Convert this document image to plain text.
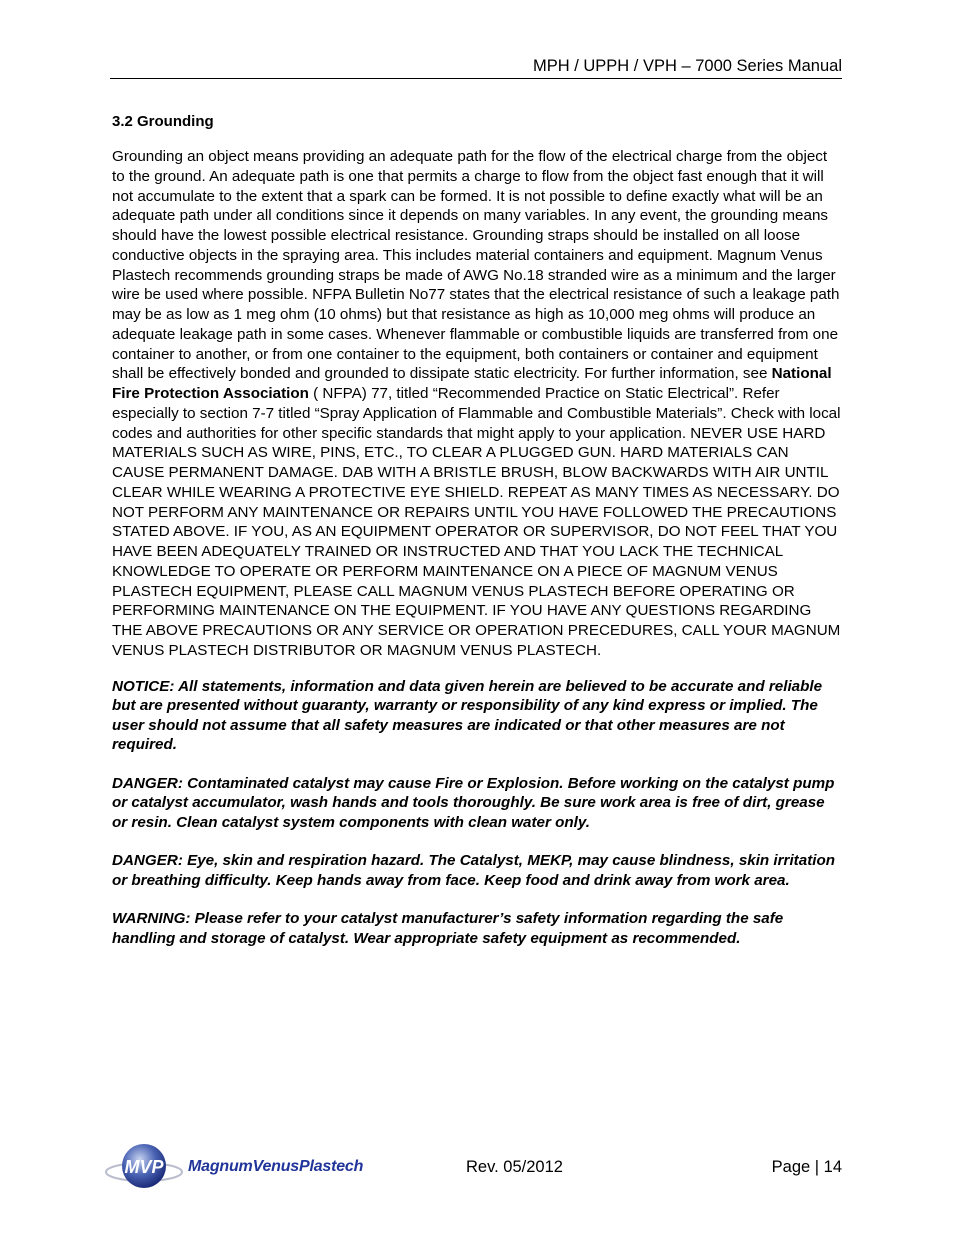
MPH / UPPH / VPH – 7000 Series Manual

3.2 Grounding

Grounding an object means providing an adequate path for the flow of the electrical charge from the object to the ground. An adequate path is one that permits a charge to flow from the object fast enough that it will not accumulate to the extent that a spark can be formed. It is not possible to define exactly what will be an adequate path under all conditions since it depends on many variables. In any event, the grounding means should have the lowest possible electrical resistance. Grounding straps should be installed on all loose conductive objects in the spraying area. This includes material containers and equipment. Magnum Venus Plastech recommends grounding straps be made of AWG No.18 stranded wire as a minimum and the larger wire be used where possible. NFPA Bulletin No77 states that the electrical resistance of such a leakage path may be as low as 1 meg ohm (10 ohms) but that resistance as high as 10,000 meg ohms will produce an adequate leakage path in some cases. Whenever flammable or combustible liquids are transferred from one container to another, or from one container to the equipment, both containers or container and equipment shall be effectively bonded and grounded to dissipate static electricity. For further information, see National Fire Protection Association ( NFPA) 77, titled “Recommended Practice on Static Electrical”. Refer especially to section 7-7 titled “Spray Application of Flammable and Combustible Materials”. Check with local codes and authorities for other specific standards that might apply to your application. NEVER USE HARD MATERIALS SUCH AS WIRE, PINS, ETC., TO CLEAR A PLUGGED GUN. HARD MATERIALS CAN CAUSE PERMANENT DAMAGE. DAB WITH A BRISTLE BRUSH, BLOW BACKWARDS WITH AIR UNTIL CLEAR WHILE WEARING A PROTECTIVE EYE SHIELD. REPEAT AS MANY TIMES AS NECESSARY. DO NOT PERFORM ANY MAINTENANCE OR REPAIRS UNTIL YOU HAVE FOLLOWED THE PRECAUTIONS STATED ABOVE. IF YOU, AS AN EQUIPMENT OPERATOR OR SUPERVISOR, DO NOT FEEL THAT YOU HAVE BEEN ADEQUATELY TRAINED OR INSTRUCTED AND THAT YOU LACK THE TECHNICAL KNOWLEDGE TO OPERATE OR PERFORM MAINTENANCE ON A PIECE OF MAGNUM VENUS PLASTECH EQUIPMENT, PLEASE CALL MAGNUM VENUS PLASTECH BEFORE OPERATING OR PERFORMING MAINTENANCE ON THE EQUIPMENT. IF YOU HAVE ANY QUESTIONS REGARDING THE ABOVE PRECAUTIONS OR ANY SERVICE OR OPERATION PRECEDURES, CALL YOUR MAGNUM VENUS PLASTECH DISTRIBUTOR OR MAGNUM VENUS PLASTECH.

NOTICE: All statements, information and data given herein are believed to be accurate and reliable but are presented without guaranty, warranty or responsibility of any kind express or implied. The user should not assume that all safety measures are indicated or that other measures are not required.

DANGER: Contaminated catalyst may cause Fire or Explosion. Before working on the catalyst pump or catalyst accumulator, wash hands and tools thoroughly. Be sure work area is free of dirt, grease or resin. Clean catalyst system components with clean water only.

DANGER: Eye, skin and respiration hazard. The Catalyst, MEKP, may cause blindness, skin irritation or breathing difficulty. Keep hands away from face. Keep food and drink away from work area.

WARNING: Please refer to your catalyst manufacturer’s safety information regarding the safe handling and storage of catalyst. Wear appropriate safety equipment as recommended.

MVP MagnumVenusPlastech	Rev. 05/2012	Page | 14
